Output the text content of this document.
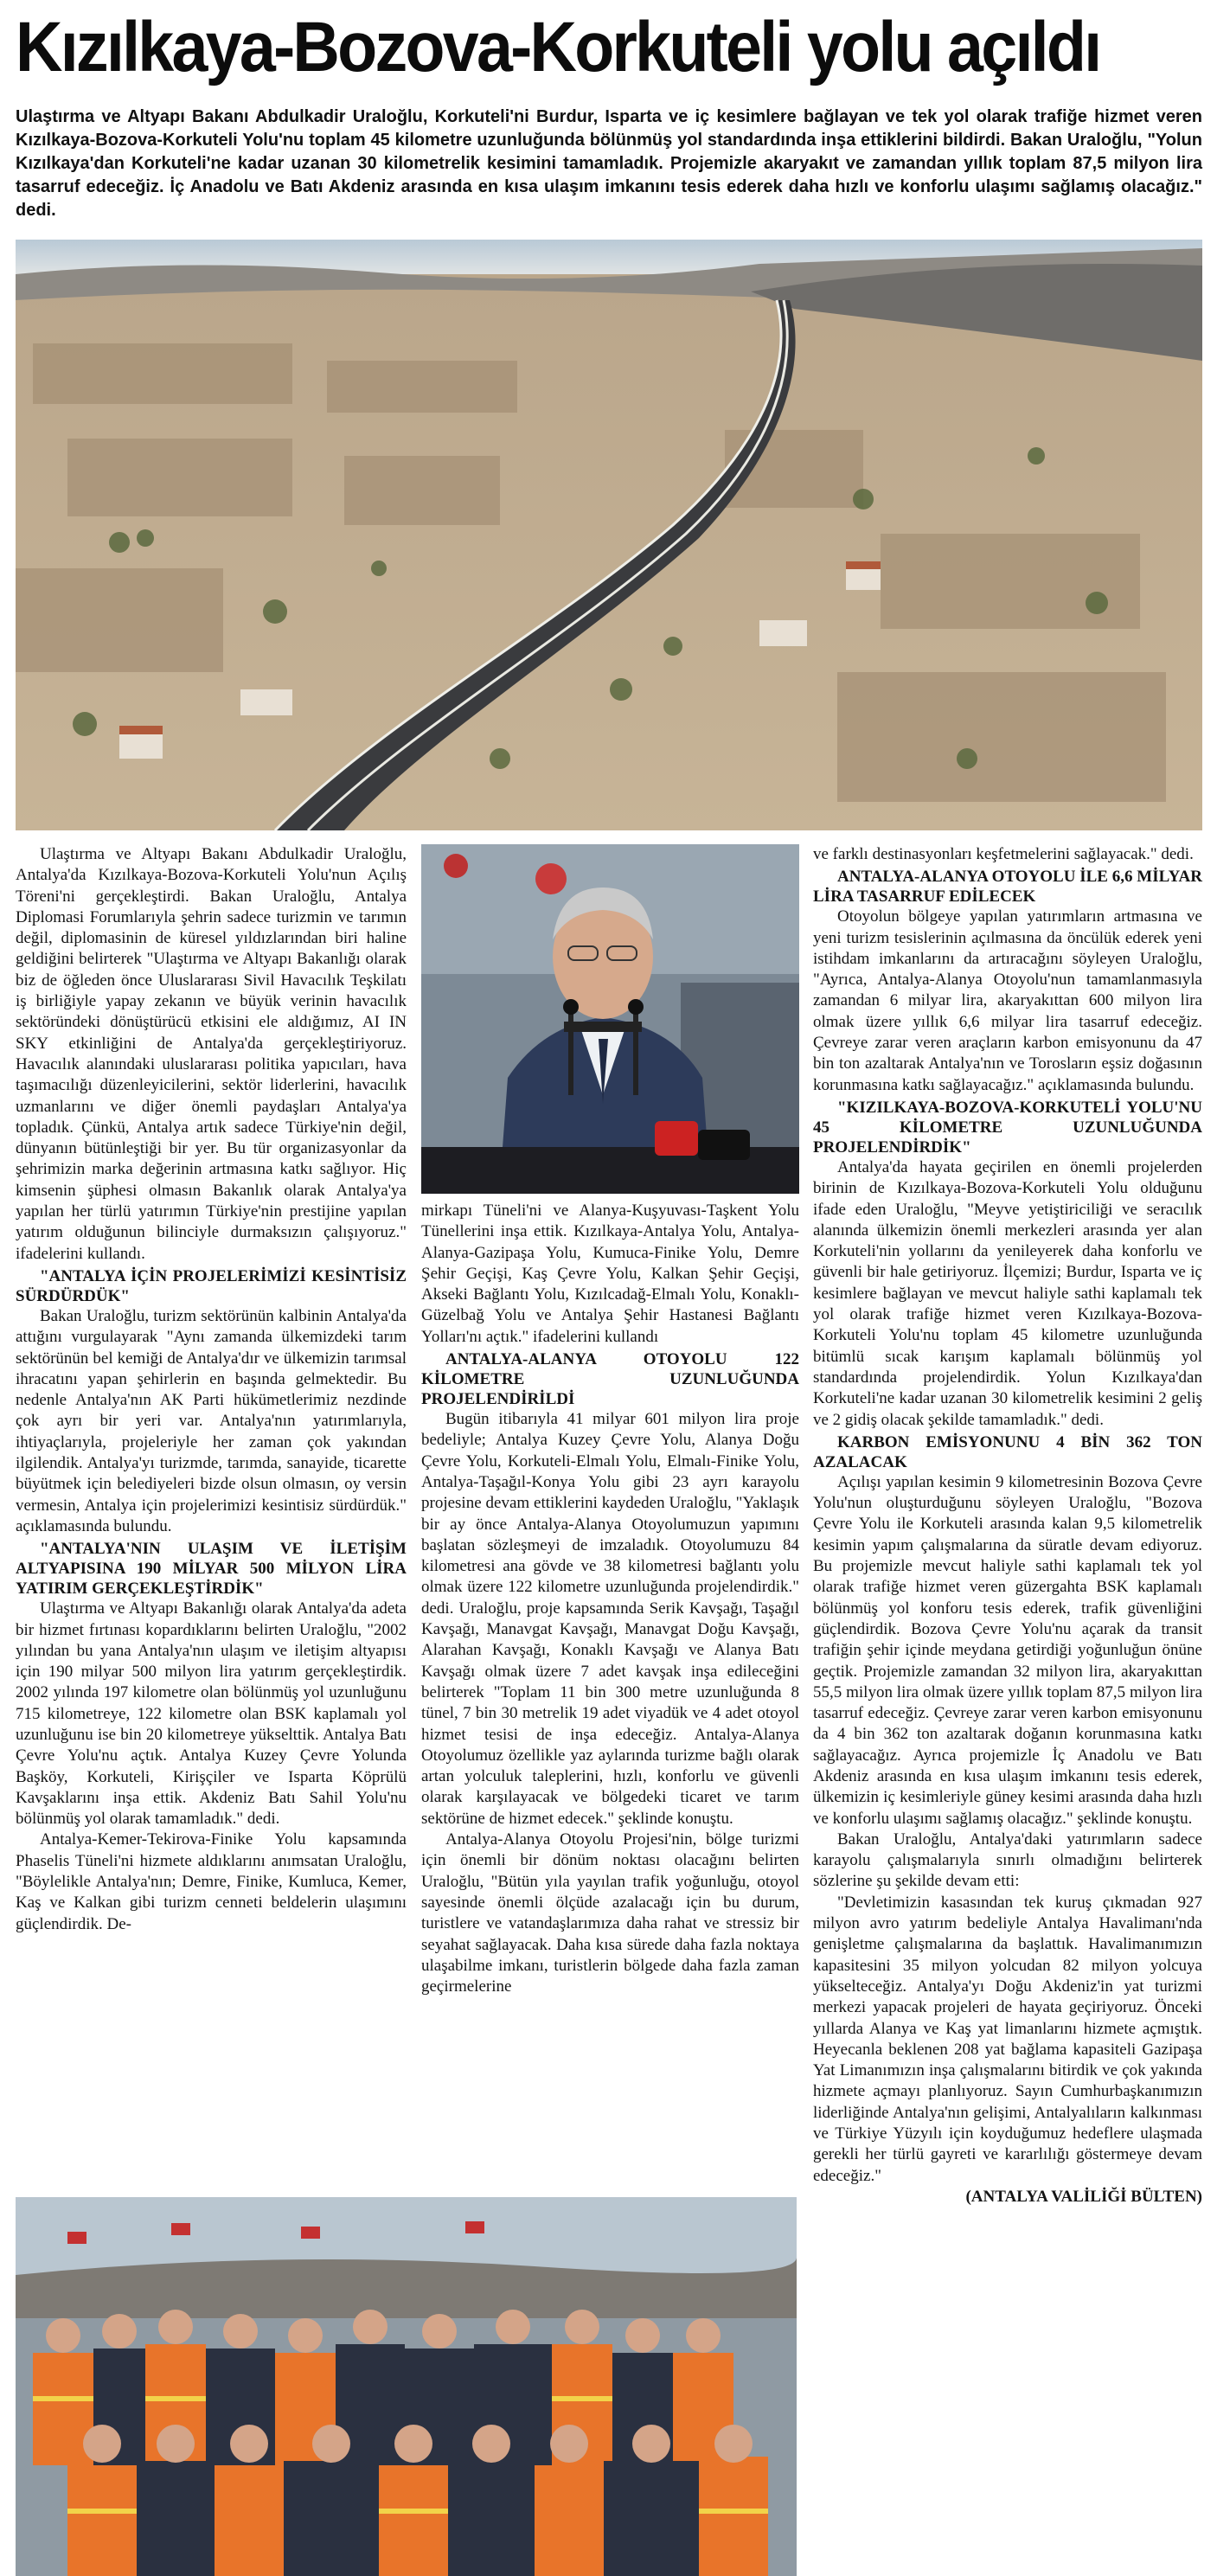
Kızılkaya-Bozova-Korkuteli yolu açıldı
Ulaştırma ve Altyapı Bakanı Abdulkadir Uraloğlu, Korkuteli'ni Burdur, Isparta ve iç kesimlere bağlayan ve tek yol olarak trafiğe hizmet veren Kızılkaya-Bozova-Korkuteli Yolu'nu toplam 45 kilometre uzunluğunda bölünmüş yol standardında inşa ettiklerini bildirdi. Bakan Uraloğlu, "Yolun Kızılkaya'dan Korkuteli'ne kadar uzanan 30 kilometrelik kesimini tamamladık. Projemizle akaryakıt ve zamandan yıllık toplam 87,5 milyon lira tasarruf edeceğiz. İç Anadolu ve Batı Akdeniz arasında en kısa ulaşım imkanını tesis ederek daha hızlı ve konforlu ulaşımı sağlamış olacağız." dedi.

Ulaştırma ve Altyapı Bakanı Abdulkadir Uraloğlu, Antalya'da Kızılkaya-Bozova-Korkuteli Yolu'nun Açılış Töreni'ni gerçekleştirdi. Bakan Uraloğlu, Antalya Diplomasi Forumlarıyla şehrin sadece turizmin ve tarımın değil, diplomasinin de küresel yıldızlarından biri haline geldiğini belirterek "Ulaştırma ve Altyapı Bakanlığı olarak biz de öğleden önce Uluslararası Sivil Havacılık Teşkilatı iş birliğiyle yapay zekanın ve büyük verinin havacılık sektöründeki dönüştürücü etkisini ele aldığımız, AI IN SKY etkinliğini de Antalya'da gerçekleştiriyoruz. Havacılık alanındaki uluslararası politika yapıcıları, hava taşımacılığı düzenleyicilerini, sektör liderlerini, havacılık uzmanlarını ve diğer önemli paydaşları Antalya'ya topladık. Çünkü, Antalya artık sadece Türkiye'nin değil, dünyanın bütünleştiği bir yer. Bu tür organizasyonlar da şehrimizin marka değerinin artmasına katkı sağlıyor. Hiç kimsenin şüphesi olmasın Bakanlık olarak Antalya'ya yapılan her türlü yatırımın Türkiye'nin prestijine yapılan yatırım olduğunun bilinciyle durmaksızın çalışıyoruz." ifadelerini kullandı.

"ANTALYA İÇİN PROJELERİMİZİ KESİNTİSİZ SÜRDÜRDÜK"

Bakan Uraloğlu, turizm sektörünün kalbinin Antalya'da attığını vurgulayarak "Aynı zamanda ülkemizdeki tarım sektörünün bel kemiği de Antalya'dır ve ülkemizin tarımsal ihracatını yapan şehirlerin en başında gelmektedir. Bu nedenle Antalya'nın AK Parti hükümetlerimiz nezdinde çok ayrı bir yeri var. Antalya'nın yatırımlarıyla, ihtiyaçlarıyla, projeleriyle her zaman çok yakından ilgilendik. Antalya'yı turizmde, tarımda, sanayide, ticarette büyütmek için belediyeleri bizde olsun olmasın, oy versin vermesin, Antalya için projelerimizi kesintisiz sürdürdük." açıklamasında bulundu.

"ANTALYA'NIN ULAŞIM VE İLETİŞİM ALTYAPISINA 190 MİLYAR 500 MİLYON LİRA YATIRIM GERÇEKLEŞTİRDİK"

Ulaştırma ve Altyapı Bakanlığı olarak Antalya'da adeta bir hizmet fırtınası kopardıklarını belirten Uraloğlu, "2002 yılından bu yana Antalya'nın ulaşım ve iletişim altyapısı için 190 milyar 500 milyon lira yatırım gerçekleştirdik. 2002 yılında 197 kilometre olan bölünmüş yol uzunluğunu 715 kilometreye, 122 kilometre olan BSK kaplamalı yol uzunluğunu ise bin 20 kilometreye yükselttik. Antalya Batı Çevre Yolu'nu açtık. Antalya Kuzey Çevre Yolunda Başköy, Korkuteli, Kirişçiler ve Isparta Köprülü Kavşaklarını inşa ettik. Akdeniz Batı Sahil Yolu'nu bölünmüş yol olarak tamamladık." dedi.

Antalya-Kemer-Tekirova-Finike Yolu kapsamında Phaselis Tüneli'ni hizmete aldıklarını anımsatan Uraloğlu, "Böylelikle Antalya'nın; Demre, Finike, Kumluca, Kemer, Kaş ve Kalkan gibi turizm cenneti beldelerin ulaşımını güçlendirdik. De-

mirkapı Tüneli'ni ve Alanya-Kuşyuvası-Taşkent Yolu Tünellerini inşa ettik. Kızılkaya-Antalya Yolu, Antalya-Alanya-Gazipaşa Yolu, Kumuca-Finike Yolu, Demre Şehir Geçişi, Kaş Çevre Yolu, Kalkan Şehir Geçişi, Akseki Bağlantı Yolu, Kızılcadağ-Elmalı Yolu, Konaklı-Güzelbağ Yolu ve Antalya Şehir Hastanesi Bağlantı Yolları'nı açtık." ifadelerini kullandı

ANTALYA-ALANYA OTOYOLU 122 KİLOMETRE UZUNLUĞUNDA PROJELENDİRİLDİ

Bugün itibarıyla 41 milyar 601 milyon lira proje bedeliyle; Antalya Kuzey Çevre Yolu, Alanya Doğu Çevre Yolu, Korkuteli-Elmalı Yolu, Elmalı-Finike Yolu, Antalya-Taşağıl-Konya Yolu gibi 23 ayrı karayolu projesine devam ettiklerini kaydeden Uraloğlu, "Yaklaşık bir ay önce Antalya-Alanya Otoyolumuzun yapımını başlatan sözleşmeyi de imzaladık. Otoyolumuzu 84 kilometresi ana gövde ve 38 kilometresi bağlantı yolu olmak üzere 122 kilometre uzunluğunda projelendirdik." dedi. Uraloğlu, proje kapsamında Serik Kavşağı, Taşağıl Kavşağı, Manavgat Kavşağı, Manavgat Doğu Kavşağı, Alarahan Kavşağı, Konaklı Kavşağı ve Alanya Batı Kavşağı olmak üzere 7 adet kavşak inşa edileceğini belirterek "Toplam 11 bin 300 metre uzunluğunda 8 tünel, 7 bin 30 metrelik 19 adet viyadük ve 4 adet otoyol hizmet tesisi de inşa edeceğiz. Antalya-Alanya Otoyolumuz özellikle yaz aylarında turizme bağlı olarak artan yolculuk taleplerini, hızlı, konforlu ve güvenli olarak karşılayacak ve bölgedeki ticaret ve tarım sektörüne de hizmet edecek." şeklinde konuştu.

Antalya-Alanya Otoyolu Projesi'nin, bölge turizmi için önemli bir dönüm noktası olacağını belirten Uraloğlu, "Bütün yıla yayılan trafik yoğunluğu, otoyol sayesinde önemli ölçüde azalacağı için bu durum, turistlere ve vatandaşlarımıza daha rahat ve stressiz bir seyahat sağlayacak. Daha kısa sürede daha fazla noktaya ulaşabilme imkanı, turistlerin bölgede daha fazla zaman geçirmelerine

ve farklı destinasyonları keşfetmelerini sağlayacak." dedi.

ANTALYA-ALANYA OTOYOLU İLE 6,6 MİLYAR LİRA TASARRUF EDİLECEK

Otoyolun bölgeye yapılan yatırımların artmasına ve yeni turizm tesislerinin açılmasına da öncülük ederek yeni istihdam imkanlarını da artıracağını söyleyen Uraloğlu, "Ayrıca, Antalya-Alanya Otoyolu'nun tamamlanmasıyla zamandan 6 milyar lira, akaryakıttan 600 milyon lira olmak üzere yıllık 6,6 milyar lira tasarruf edeceğiz. Çevreye zarar veren araçların karbon emisyonunu da 47 bin ton azaltarak Antalya'nın ve Torosların eşsiz doğasının korunmasına katkı sağlayacağız." açıklamasında bulundu.

"KIZILKAYA-BOZOVA-KORKUTELİ YOLU'NU 45 KİLOMETRE UZUNLUĞUNDA PROJELENDİRDİK"

Antalya'da hayata geçirilen en önemli projelerden birinin de Kızılkaya-Bozova-Korkuteli Yolu olduğunu ifade eden Uraloğlu, "Meyve yetiştiriciliği ve seracılık alanında ülkemizin önemli merkezleri arasında yer alan Korkuteli'nin yollarını da yenileyerek daha konforlu ve güvenli bir hale getiriyoruz. İlçemizi; Burdur, Isparta ve iç kesimlere bağlayan ve mevcut haliyle sathi kaplamalı tek yol olarak trafiğe hizmet veren Kızılkaya-Bozova-Korkuteli Yolu'nu toplam 45 kilometre uzunluğunda bitümlü sıcak karışım kaplamalı bölünmüş yol standardında projelendirdik. Yolun Kızılkaya'dan Korkuteli'ne kadar uzanan 30 kilometrelik kesimini 2 geliş ve 2 gidiş olacak şekilde tamamladık." dedi.

KARBON EMİSYONUNU 4 BİN 362 TON AZALACAK

Açılışı yapılan kesimin 9 kilometresinin Bozova Çevre Yolu'nun oluşturduğunu söyleyen Uraloğlu, "Bozova Çevre Yolu ile Korkuteli arasında kalan 9,5 kilometrelik kesimin yapım çalışmalarına da süratle devam ediyoruz. Bu projemizle mevcut haliyle sathi kaplamalı tek yol olarak trafiğe hizmet veren güzergahta BSK kaplamalı bölünmüş yol konforu tesis ederek, trafik güvenliğini güçlendirdik. Bozova Çevre Yolu'nu açarak da transit trafiğin şehir içinde meydana getirdiği yoğunluğun önüne geçtik. Projemizle zamandan 32 milyon lira, akaryakıttan 55,5 milyon lira olmak üzere yıllık toplam 87,5 milyon lira tasarruf edeceğiz. Çevreye zarar veren karbon emisyonunu da 4 bin 362 ton azaltarak doğanın korunmasına katkı sağlayacağız. Ayrıca projemizle İç Anadolu ve Batı Akdeniz arasında en kısa ulaşım imkanını tesis ederek, ülkemizin iç kesimleriyle güney kesimi arasında daha hızlı ve konforlu ulaşımı sağlamış olacağız." şeklinde konuştu.

Bakan Uraloğlu, Antalya'daki yatırımların sadece karayolu çalışmalarıyla sınırlı olmadığını belirterek sözlerine şu şekilde devam etti:

"Devletimizin kasasından tek kuruş çıkmadan 927 milyon avro yatırım bedeliyle Antalya Havalimanı'nda genişletme çalışmalarına da başlattık. Havalimanımızın kapasitesini 35 milyon yolcudan 82 milyon yolcuya yükselteceğiz. Antalya'yı Doğu Akdeniz'in yat turizmi merkezi yapacak projeleri de hayata geçiriyoruz. Önceki yıllarda Alanya ve Kaş yat limanlarını hizmete açmıştık. Heyecanla beklenen 208 yat bağlama kapasiteli Gazipaşa Yat Limanımızın inşa çalışmalarını bitirdik ve çok yakında hizmete açmayı planlıyoruz. Sayın Cumhurbaşkanımızın liderliğinde Antalya'nın gelişimi, Antalyalıların kalkınması ve Türkiye Yüzyılı için koyduğumuz hedeflere ulaşmada gerekli her türlü gayreti ve kararlılığı göstermeye devam edeceğiz."

(ANTALYA VALİLİĞİ BÜLTEN)
